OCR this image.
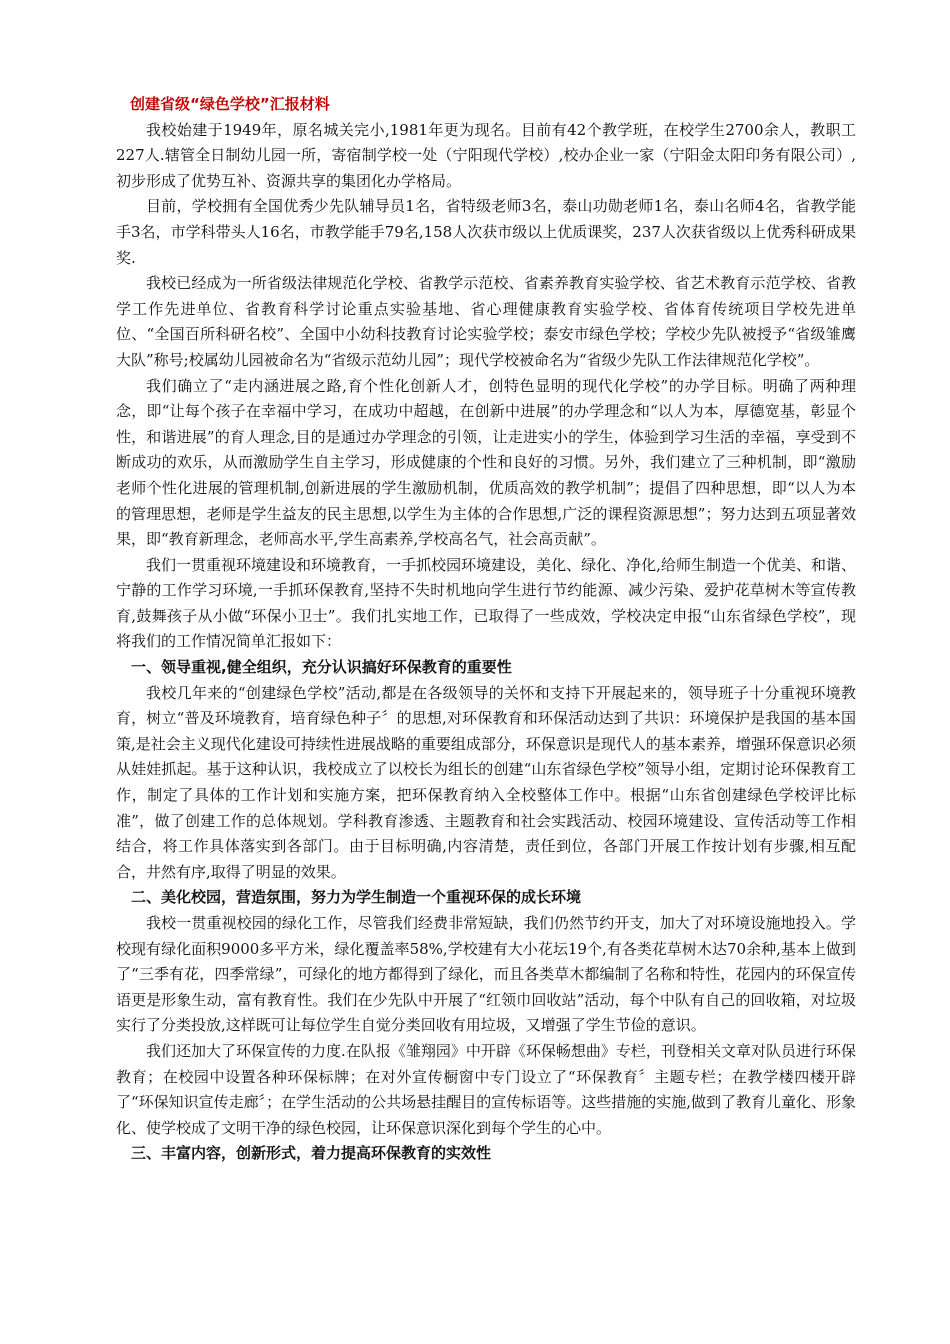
创建省级“绿色学校”汇报材料

我校始建于1949年，原名城关完小,1981年更为现名。目前有42个教学班，在校学生2700余人，教职工227人.辖管全日制幼儿园一所，寄宿制学校一处（宁阳现代学校）,校办企业一家（宁阳金太阳印务有限公司）,初步形成了优势互补、资源共享的集团化办学格局。

目前，学校拥有全国优秀少先队辅导员1名，省特级老师3名，泰山功勋老师1名，泰山名师4名，省教学能手3名，市学科带头人16名，市教学能手79名,158人次获市级以上优质课奖，237人次获省级以上优秀科研成果奖.

我校已经成为一所省级法律规范化学校、省教学示范校、省素养教育实验学校、省艺术教育示范学校、省教学工作先进单位、省教育科学讨论重点实验基地、省心理健康教育实验学校、省体育传统项目学校先进单位、“全国百所科研名校”、全国中小幼科技教育讨论实验学校；泰安市绿色学校；学校少先队被授予“省级雏鹰大队”称号;校属幼儿园被命名为“省级示范幼儿园”；现代学校被命名为“省级少先队工作法律规范化学校”。

我们确立了“走内涵进展之路,育个性化创新人才，创特色显明的现代化学校”的办学目标。明确了两种理念，即“让每个孩子在幸福中学习，在成功中超越，在创新中进展”的办学理念和“以人为本，厚德宽基，彰显个性，和谐进展”的育人理念,目的是通过办学理念的引领，让走进实小的学生，体验到学习生活的幸福，享受到不断成功的欢乐，从而激励学生自主学习，形成健康的个性和良好的习惯。另外，我们建立了三种机制，即“激励老师个性化进展的管理机制,创新进展的学生激励机制，优质高效的教学机制”；提倡了四种思想，即“以人为本的管理思想，老师是学生益友的民主思想,以学生为主体的合作思想,广泛的课程资源思想”；努力达到五项显著效果，即“教育新理念，老师高水平,学生高素养,学校高名气，社会高贡献”。

我们一贯重视环境建设和环境教育，一手抓校园环境建设，美化、绿化、净化,给师生制造一个优美、和谐、宁静的工作学习环境,一手抓环保教育,坚持不失时机地向学生进行节约能源、减少污染、爱护花草树木等宣传教育,鼓舞孩子从小做“环保小卫士”。我们扎实地工作，已取得了一些成效，学校决定申报“山东省绿色学校”，现将我们的工作情况简单汇报如下：

一、领导重视,健全组织，充分认识搞好环保教育的重要性

我校几年来的“创建绿色学校”活动,都是在各级领导的关怀和支持下开展起来的，领导班子十分重视环境教育，树立“普及环境教育，培育绿色种子〞的思想,对环保教育和环保活动达到了共识：环境保护是我国的基本国策,是社会主义现代化建设可持续性进展战略的重要组成部分，环保意识是现代人的基本素养，增强环保意识必须从娃娃抓起。基于这种认识，我校成立了以校长为组长的创建“山东省绿色学校”领导小组，定期讨论环保教育工作，制定了具体的工作计划和实施方案，把环保教育纳入全校整体工作中。根据“山东省创建绿色学校评比标准”，做了创建工作的总体规划。学科教育渗透、主题教育和社会实践活动、校园环境建设、宣传活动等工作相结合，将工作具体落实到各部门。由于目标明确,内容清楚，责任到位，各部门开展工作按计划有步骤,相互配合，井然有序,取得了明显的效果。

二、美化校园，营造氛围，努力为学生制造一个重视环保的成长环境

我校一贯重视校园的绿化工作，尽管我们经费非常短缺，我们仍然节约开支，加大了对环境设施地投入。学校现有绿化面积9000多平方米，绿化覆盖率58%,学校建有大小花坛19个,有各类花草树木达70余种,基本上做到了“三季有花，四季常绿”，可绿化的地方都得到了绿化，而且各类草木都编制了名称和特性，花园内的环保宣传语更是形象生动，富有教育性。我们在少先队中开展了“红领巾回收站”活动，每个中队有自己的回收箱，对垃圾实行了分类投放,这样既可让每位学生自觉分类回收有用垃圾，又增强了学生节俭的意识。

我们还加大了环保宣传的力度.在队报《雏翔园》中开辟《环保畅想曲》专栏，刊登相关文章对队员进行环保教育；在校园中设置各种环保标牌；在对外宣传橱窗中专门设立了“环保教育〞主题专栏；在教学楼四楼开辟了“环保知识宣传走廊〞；在学生活动的公共场悬挂醒目的宣传标语等。这些措施的实施,做到了教育儿童化、形象化、使学校成了文明干净的绿色校园，让环保意识深化到每个学生的心中。

三、丰富内容，创新形式，着力提高环保教育的实效性
